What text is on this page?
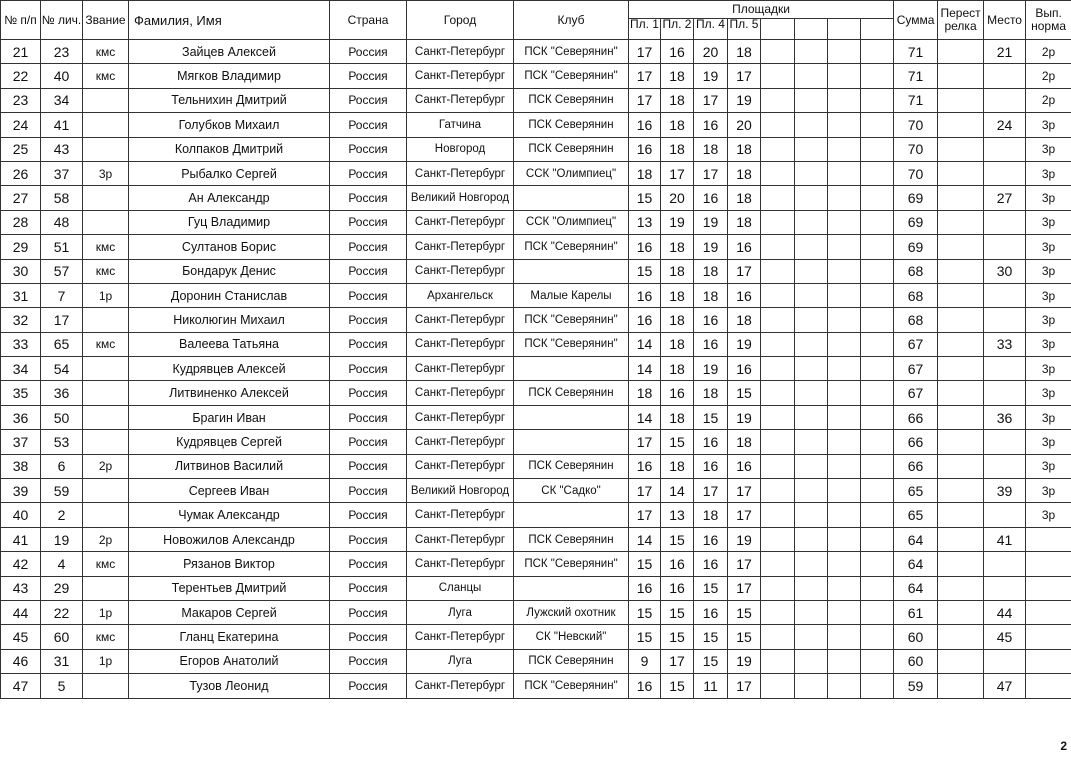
№ п/п	№ лич.	Звание	Фамилия, Имя	Страна	Город	Клуб	Площадки								Сумма	Перест релка	Место	Вып. норма

							Пл. 1	Пл. 2	Пл. 4	Пл. 5								

21	23	кмс	Зайцев Алексей	Россия	Санкт-Петербург	ПСК "Северянин"	17	16	20	18					71		21	2р
22	40	кмс	Мягков Владимир	Россия	Санкт-Петербург	ПСК "Северянин"	17	18	19	17					71			2р
23	34		Тельнихин Дмитрий	Россия	Санкт-Петербург	ПСК Северянин	17	18	17	19					71			2р
24	41		Голубков Михаил	Россия	Гатчина	ПСК Северянин	16	18	16	20					70		24	3р
25	43		Колпаков Дмитрий	Россия	Новгород	ПСК Северянин	16	18	18	18					70			3р
26	37	3р	Рыбалко Сергей	Россия	Санкт-Петербург	ССК "Олимпиец"	18	17	17	18					70			3р
27	58		Ан Александр	Россия	Великий Новгород		15	20	16	18					69		27	3р
28	48		Гуц Владимир	Россия	Санкт-Петербург	ССК "Олимпиец"	13	19	19	18					69			3р
29	51	кмс	Султанов Борис	Россия	Санкт-Петербург	ПСК "Северянин"	16	18	19	16					69			3р
30	57	кмс	Бондарук Денис	Россия	Санкт-Петербург		15	18	18	17					68		30	3р
31	7	1р	Доронин Станислав	Россия	Архангельск	Малые Карелы	16	18	18	16					68			3р
32	17		Николюгин Михаил	Россия	Санкт-Петербург	ПСК "Северянин"	16	18	16	18					68			3р
33	65	кмс	Валеева Татьяна	Россия	Санкт-Петербург	ПСК "Северянин"	14	18	16	19					67		33	3р
34	54		Кудрявцев Алексей	Россия	Санкт-Петербург		14	18	19	16					67			3р
35	36		Литвиненко Алексей	Россия	Санкт-Петербург	ПСК Северянин	18	16	18	15					67			3р
36	50		Брагин Иван	Россия	Санкт-Петербург		14	18	15	19					66		36	3р
37	53		Кудрявцев Сергей	Россия	Санкт-Петербург		17	15	16	18					66			3р
38	6	2р	Литвинов Василий	Россия	Санкт-Петербург	ПСК Северянин	16	18	16	16					66			3р
39	59		Сергеев Иван	Россия	Великий Новгород	СК "Садко"	17	14	17	17					65		39	3р
40	2		Чумак Александр	Россия	Санкт-Петербург		17	13	18	17					65			3р
41	19	2р	Новожилов Александр	Россия	Санкт-Петербург	ПСК Северянин	14	15	16	19					64		41	
42	4	кмс	Рязанов Виктор	Россия	Санкт-Петербург	ПСК "Северянин"	15	16	16	17					64			
43	29		Терентьев Дмитрий	Россия	Сланцы		16	16	15	17					64			
44	22	1р	Макаров Сергей	Россия	Луга	Лужский охотник	15	15	16	15					61		44	
45	60	кмс	Гланц Екатерина	Россия	Санкт-Петербург	СК "Невский"	15	15	15	15					60		45	
46	31	1р	Егоров Анатолий	Россия	Луга	ПСК Северянин	9	17	15	19					60			
47	5		Тузов Леонид	Россия	Санкт-Петербург	ПСК "Северянин"	16	15	11	17					59		47	
2
